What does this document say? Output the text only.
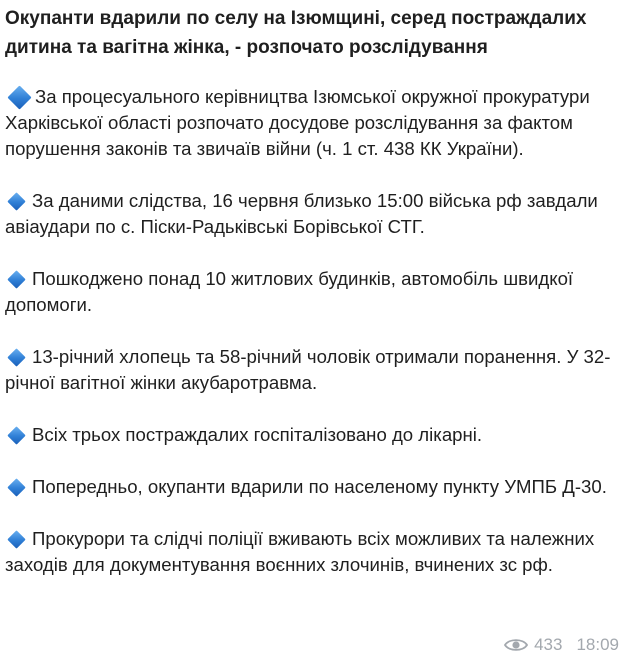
Окупанти вдарили по селу на Ізюмщині, серед постраждалих дитина та вагітна жінка, - розпочато розслідування
За процесуального керівництва Ізюмської окружної прокуратури Харківської області розпочато досудове розслідування за фактом порушення законів та звичаїв війни (ч. 1 ст. 438 КК України).
За даними слідства, 16 червня близько 15:00 війська рф завдали авіаудари по с. Піски-Радьківські Борівської СТГ.
Пошкоджено понад 10 житлових будинків, автомобіль швидкої допомоги.
13-річний хлопець та 58-річний чоловік отримали поранення. У 32-річної вагітної жінки акубаротравма.
Всіх трьох постраждалих госпіталізовано до лікарні.
Попередньо, окупанти вдарили по населеному пункту УМПБ Д-30.
Прокурори та слідчі поліції вживають всіх можливих та належних заходів для документування воєнних злочинів, вчинених зс рф.
433 18:09
